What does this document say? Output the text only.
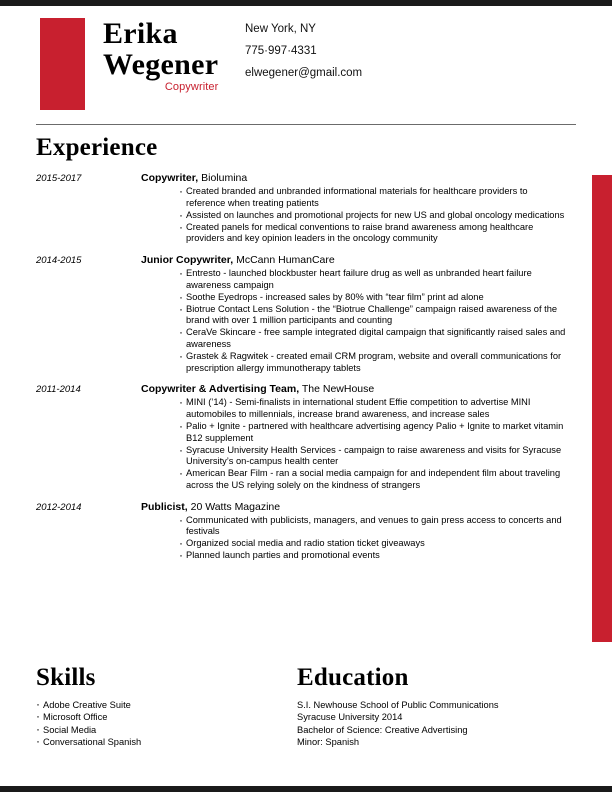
Erika
Wegener
Copywriter
New York, NY
775·997·4331
elwegener@gmail.com
Experience
2015-2017	Copywriter, Biolumina
· Created branded and unbranded informational materials for healthcare providers to reference when treating patients
· Assisted on launches and promotional projects for new US and global oncology medications
· Created panels for medical conventions to raise brand awareness among healthcare providers and key opinion leaders in the oncology community
2014-2015	Junior Copywriter, McCann HumanCare
· Entresto - launched blockbuster heart failure drug as well as unbranded heart failure awareness campaign
· Soothe Eyedrops - increased sales by 80% with “tear film” print ad alone
· Biotrue Contact Lens Solution - the “Biotrue Challenge” campaign raised awareness of the brand with over 1 million participants and counting
· CeraVe Skincare - free sample integrated digital campaign that significantly raised sales and awareness
· Grastek & Ragwitek - created email CRM program, website and overall communications for prescription allergy immunotherapy tablets
2011-2014	Copywriter & Advertising Team, The NewHouse
· MINI (’14) - Semi-finalists in international student Effie competition to advertise MINI automobiles to millennials, increase brand awareness, and increase sales
· Palio + Ignite - partnered with healthcare advertising agency Palio + Ignite to market vitamin B12 supplement
· Syracuse University Health Services - campaign to raise awareness and visits for Syracuse University’s on-campus health center
· American Bear Film - ran a social media campaign for and independent film about traveling across the US relying solely on the kindness of strangers
2012-2014	Publicist, 20 Watts Magazine
· Communicated with publicists, managers, and venues to gain press access to concerts and festivals
· Organized social media and radio station ticket giveaways
· Planned launch parties and promotional events
Skills
· Adobe Creative Suite
· Microsoft Office
· Social Media
· Conversational Spanish
Education
S.I. Newhouse School of Public Communications
Syracuse University 2014
Bachelor of Science: Creative Advertising
Minor: Spanish
